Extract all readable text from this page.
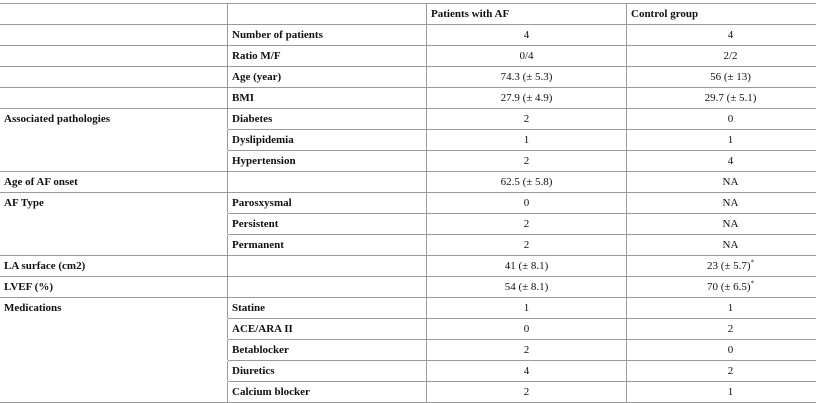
		Patients with AF	Control group
	Number of patients	4	4
	Ratio M/F	0/4	2/2
	Age (year)	74.3 (± 5.3)	56 (± 13)
	BMI	27.9 (± 4.9)	29.7 (± 5.1)
Associated pathologies	Diabetes	2	0
	Dyslipidemia	1	1
	Hypertension	2	4
Age of AF onset		62.5 (± 5.8)	NA
AF Type	Parosxysmal	0	NA
	Persistent	2	NA
	Permanent	2	NA
LA surface (cm2)		41 (± 8.1)	23 (± 5.7)*
LVEF (%)		54 (± 8.1)	70 (± 6.5)*
Medications	Statine	1	1
	ACE/ARA II	0	2
	Betablocker	2	0
	Diuretics	4	2
	Calcium blocker	2	1
